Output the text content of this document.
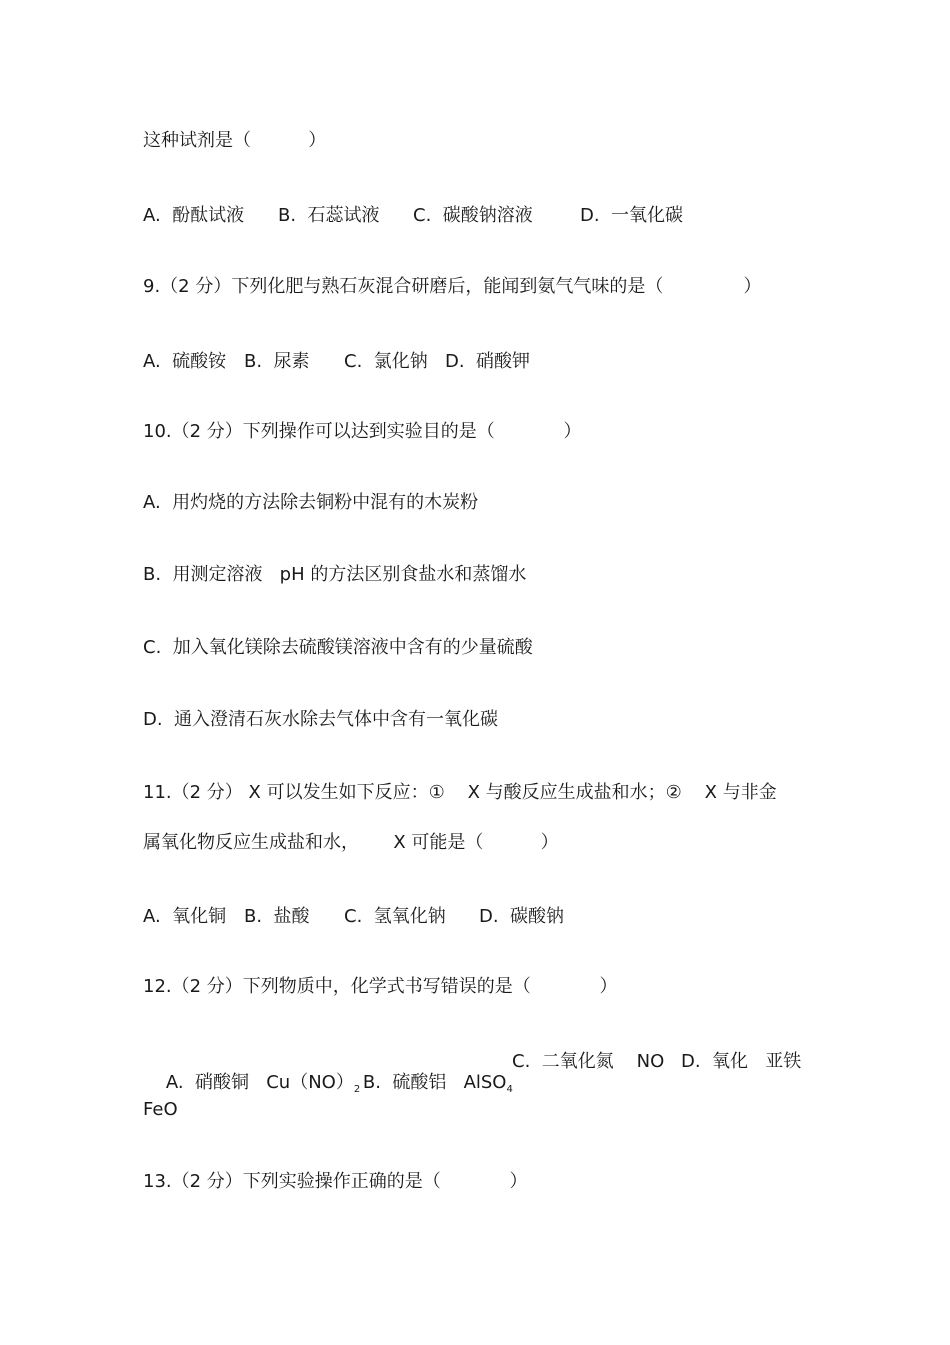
这种试剂是（          ）
A.  酚酞试液 B.  石蕊试液 C.  碳酸钠溶液	D.  一氧化碳
9.（2 分）下列化肥与熟石灰混合研磨后，能闻到氨气气味的是（              ）
A.  硫酸铵 B.  尿素 C.  氯化钠 D.  硝酸钾
10.（2 分）下列操作可以达到实验目的是（            ）
A.  用灼烧的方法除去铜粉中混有的木炭粉
B.  用测定溶液   pH 的方法区别食盐水和蒸馏水
C.  加入氧化镁除去硫酸镁溶液中含有的少量硫酸
D.  通入澄清石灰水除去气体中含有一氧化碳
11.（2 分） X 可以发生如下反应：①    X 与酸反应生成盐和水；②    X 与非金
属氧化物反应生成盐和水，      X 可能是（          ）
A.  氧化铜 B.  盐酸 C.  氢氧化钠 D.  碳酸钠
12.（2 分）下列物质中，化学式书写错误的是（            ）

A.  硝酸铜   $Cu(NO)_2$
B.  硫酸铝   AlSO$_4$

C.  二氧化氮    NO D.  氧化   亚铁
FeO
13.（2 分）下列实验操作正确的是（            ）
